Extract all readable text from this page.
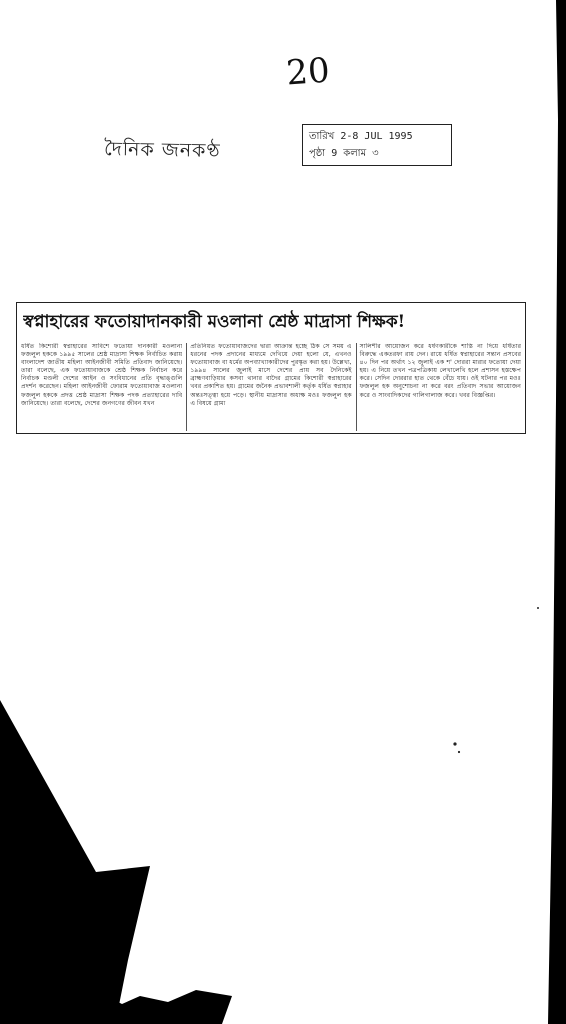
20
দৈনিক জনকণ্ঠ
তারিখ 2-8 JUL 1995
পৃষ্ঠা 9 কলাম ৩
স্বপ্নাহারের ফতোয়াদানকারী মওলানা শ্রেষ্ঠ মাদ্রাসা শিক্ষক!
ধর্ষিত কিশোরী স্বপ্নাহারের সাবিশে ফতোয়া দানকারী মওলানা ফজলুল হককে ১৯৯৫ সালের শ্রেষ্ঠ মাদ্রাসা শিক্ষক নির্বাচিত করায় বাংলাদেশ জাতীয় মহিলা আইনজীবী সমিতি প্রতিবাদ জানিয়েছে। তারা বলেছে, এক ফতোয়াবাজকে শ্রেষ্ঠ শিক্ষক নির্বাচন করে নির্বাচক মণ্ডলী দেশের আইন ও সংবিধানের প্রতি বৃদ্ধাঙ্গুলি প্রদর্শন করেছেন। মহিলা আইনজীবী ফোরাম ফতোয়াবাজ মওলানা ফজলুল হককে প্রদত্ত শ্রেষ্ঠ মাদ্রাসা শিক্ষক পদক প্রত্যাহারের দাবি জানিয়েছে। তারা বলেছে, দেশের জনগণের জীবন যখন
প্রতিনিয়ত ফতোয়াবাজদের দ্বারা আক্রান্ত হচ্ছে ঠিক সে সময় এ ধরনের পদক প্রদানের মাধ্যমে দেখিয়ে দেয়া হলো যে, এখনও ফতোয়াবাজ বা ধর্মের অপব্যাখ্যাকারীদের পুরস্কৃত করা হয়। উল্লেখ্য, ১৯৯৪ সালের জুলাই মাসে দেশের প্রায় সব দৈনিকেই ব্রাহ্মণবাড়িয়ার কসবা থানার বাদৈর গ্রামের কিশোরী স্বপ্নাহারের খবর প্রকাশিত হয়। গ্রামের জনৈক প্রভাবশালী কর্তৃক ধর্ষিত স্বপ্নাহার অন্তঃসত্ত্বা হয়ে পড়ে। স্থানীয় মাদ্রাসার অধ্যক্ষ মওঃ ফজলুল হক এ বিষয়ে গ্রাম্য
সালিশীর আয়োজন করে ধর্ষণকারীকে শাস্তি না দিয়ে ধর্ষিতার বিরুদ্ধে একতরফা রায় দেন। রায়ে ধর্ষিত স্বপ্নাহারের সন্তান প্রসবের ৪০ দিন পর অর্থাৎ ১২ জুলাই এক শ' দোররা মারার ফতোয়া দেয়া হয়। এ নিয়ে তখন পত্রপত্রিকায় লেখালেখি হলে প্রশাসন হস্তক্ষেপ করে। সেদিন দোররার হাত থেকে বেঁচে যায়। ওই ঘটনার পর মওঃ ফজলুল হক অনুশোচনা না করে বরং প্রতিবাদ সভার আয়োজন করে ও সাংবাদিকদের গালিগালাজ করে। খবর বিজ্ঞপ্তির।
